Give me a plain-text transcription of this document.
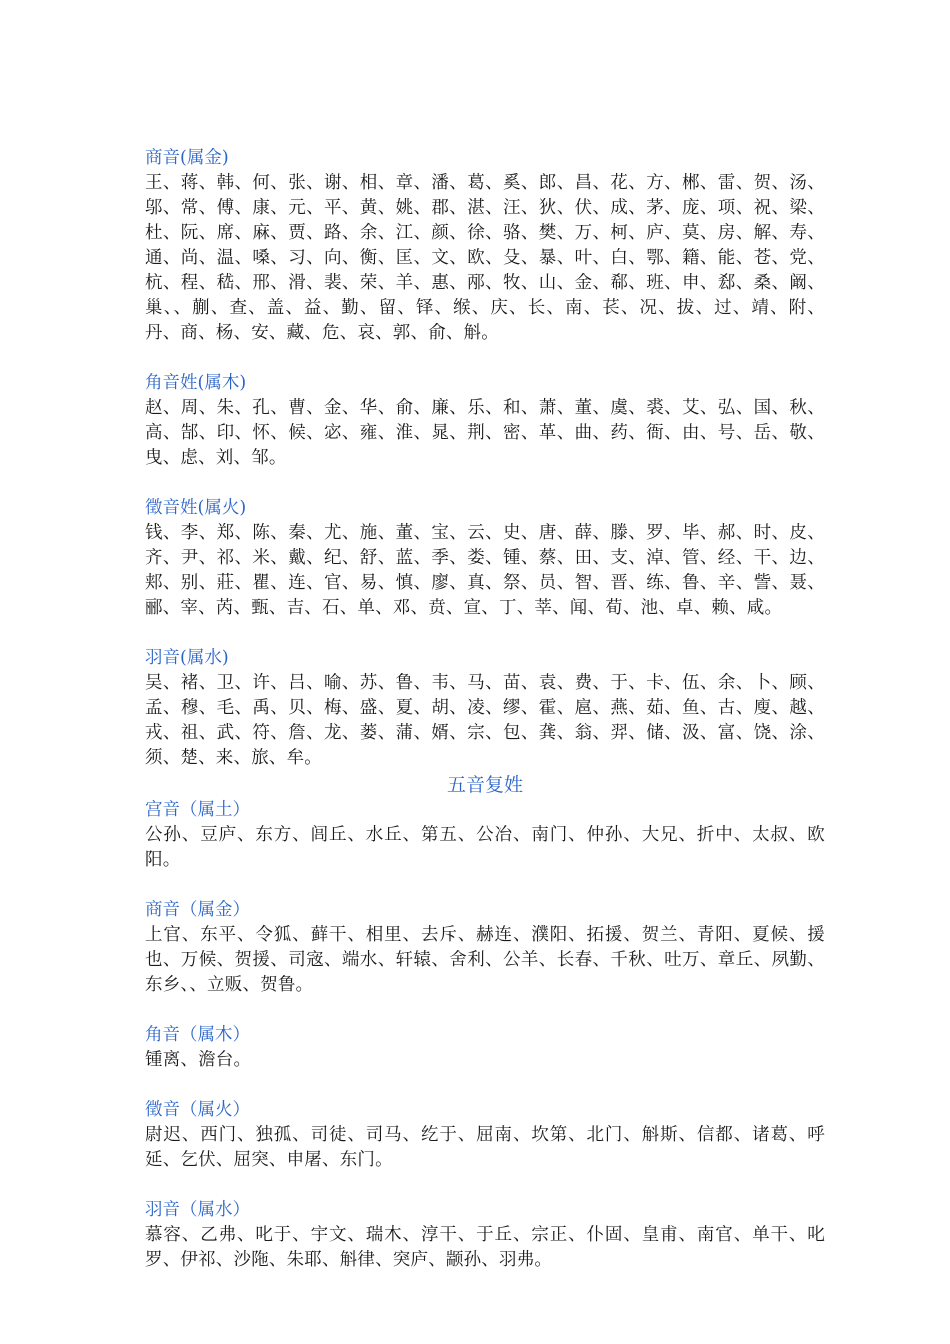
商音(属金)
王、蒋、韩、何、张、谢、相、章、潘、葛、奚、郎、昌、花、方、郴、雷、贺、汤、邬、常、傅、康、元、平、黄、姚、郡、湛、汪、狄、伏、成、茅、庞、项、祝、梁、杜、阮、席、麻、贾、路、余、江、颜、徐、骆、樊、万、柯、庐、莫、房、解、寿、通、尚、温、嗓、习、向、衡、匡、文、欧、殳、暴、叶、白、鄂、籍、能、苍、党、杭、程、嵇、邢、滑、裴、荣、羊、惠、邴、牧、山、金、郗、班、申、郄、桑、阚、巢、、蒯、查、盖、益、勤、留、铎、缑、庆、长、南、苌、况、拔、过、靖、附、丹、商、杨、安、藏、危、哀、郭、俞、斛。
角音姓(属木)
赵、周、朱、孔、曹、金、华、俞、廉、乐、和、萧、董、虞、裘、艾、弘、国、秋、高、郜、印、怀、候、宓、雍、淮、晁、荆、密、革、曲、药、衙、由、号、岳、敬、曳、虑、刘、邹。
徵音姓(属火)
钱、李、郑、陈、秦、尤、施、董、宝、云、史、唐、薛、滕、罗、毕、郝、时、皮、齐、尹、祁、米、戴、纪、舒、蓝、季、娄、锺、蔡、田、支、淖、管、经、干、边、郏、别、莊、瞿、连、官、易、慎、廖、真、祭、员、智、晋、练、鲁、辛、訾、聂、郦、宰、芮、甄、吉、石、单、邓、贲、宣、丁、莘、闻、荀、池、卓、赖、咸。
羽音(属水)
吴、褚、卫、许、吕、喻、苏、鲁、韦、马、苗、袁、费、于、卡、伍、余、卜、顾、孟、穆、毛、禹、贝、梅、盛、夏、胡、凌、缪、霍、扈、燕、茹、鱼、古、廋、越、戎、祖、武、符、詹、龙、蒌、蒲、婿、宗、包、龚、翁、羿、储、汲、富、饶、涂、须、楚、来、旅、牟。
五音复姓
宫音（属土）
公孙、豆庐、东方、闾丘、水丘、第五、公冶、南门、仲孙、大兄、折中、太叔、欧阳。
商音（属金）
上官、东平、令狐、藓干、相里、去斥、赫连、濮阳、拓援、贺兰、青阳、夏候、援也、万候、贺援、司宼、端水、轩辕、舍利、公羊、长春、千秋、吐万、章丘、夙勤、东乡、、立贩、贺鲁。
角音（属木）
锺离、澹台。
徵音（属火）
尉迟、西门、独孤、司徒、司马、纥于、屈南、坎第、北门、斛斯、信都、诸葛、呼延、乞伏、屈突、申屠、东门。
羽音（属水）
慕容、乙弗、叱于、宇文、瑞木、淳干、于丘、宗正、仆固、皇甫、南官、单干、叱罗、伊祁、沙陁、朱耶、斛律、突庐、颛孙、羽弗。
